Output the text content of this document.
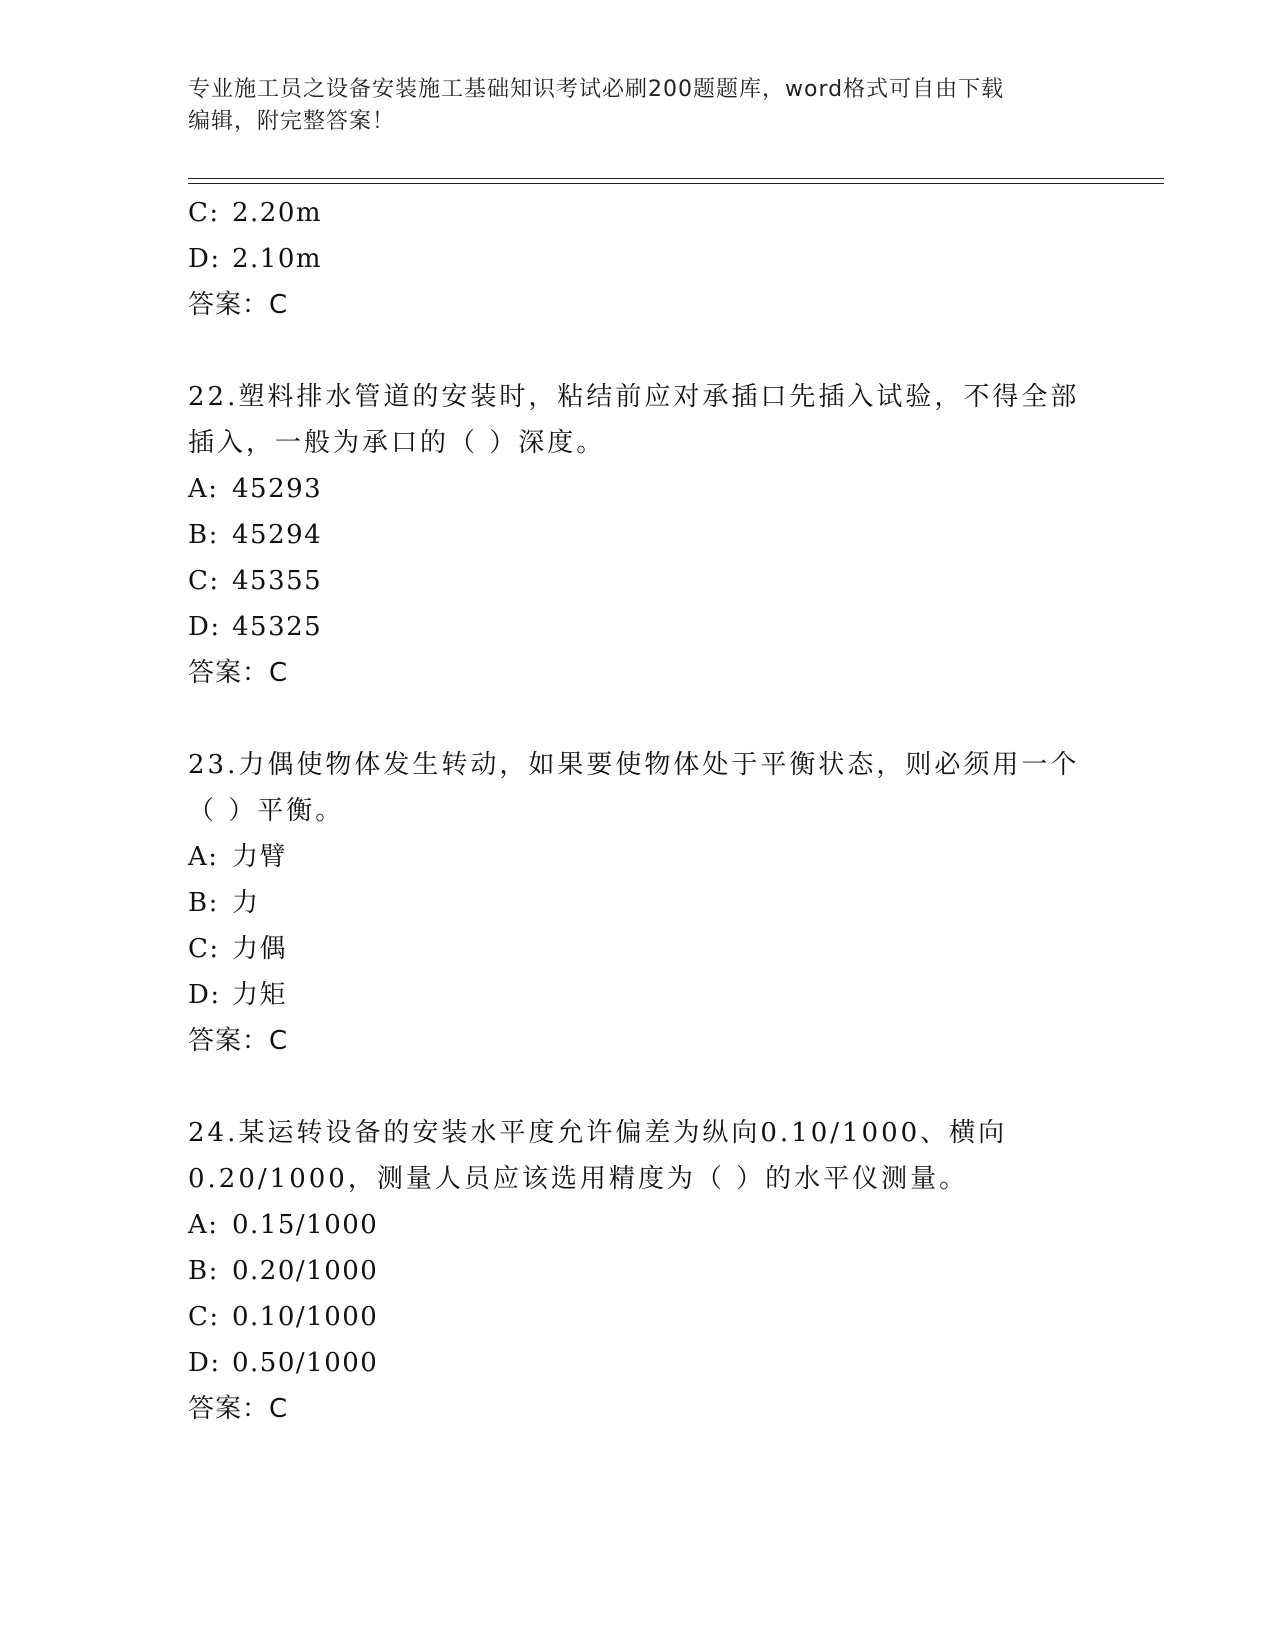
专业施工员之设备安装施工基础知识考试必刷200题题库，word格式可自由下载
编辑，附完整答案！
C: 2.20m
D: 2.10m
答案：C
22.塑料排水管道的安装时，粘结前应对承插口先插入试验，不得全部
插入，一般为承口的（ ）深度。
A: 45293
B: 45294
C: 45355
D: 45325
答案：C
23.力偶使物体发生转动，如果要使物体处于平衡状态，则必须用一个
（ ）平衡。
A: 力臂
B: 力
C: 力偶
D: 力矩
答案：C
24.某运转设备的安装水平度允许偏差为纵向0.10/1000、横向
0.20/1000，测量人员应该选用精度为（ ）的水平仪测量。
A: 0.15/1000
B: 0.20/1000
C: 0.10/1000
D: 0.50/1000
答案：C
